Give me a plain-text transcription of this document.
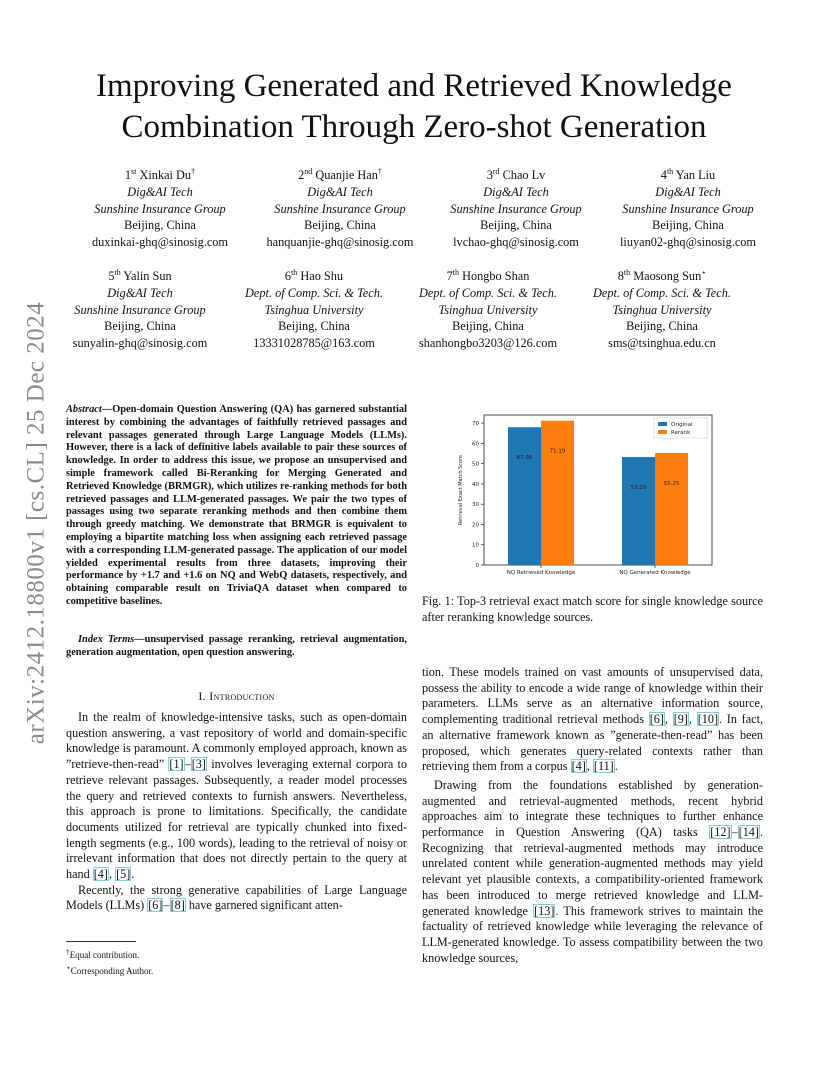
arXiv:2412.18800v1 [cs.CL] 25 Dec 2024
Improving Generated and Retrieved Knowledge
Combination Through Zero-shot Generation
1st Xinkai Du†
Dig&AI Tech
Sunshine Insurance Group
Beijing, China
duxinkai-ghq@sinosig.com
2nd Quanjie Han†
Dig&AI Tech
Sunshine Insurance Group
Beijing, China
hanquanjie-ghq@sinosig.com
3rd Chao Lv
Dig&AI Tech
Sunshine Insurance Group
Beijing, China
lvchao-ghq@sinosig.com
4th Yan Liu
Dig&AI Tech
Sunshine Insurance Group
Beijing, China
liuyan02-ghq@sinosig.com
5th Yalin Sun
Dig&AI Tech
Sunshine Insurance Group
Beijing, China
sunyalin-ghq@sinosig.com
6th Hao Shu
Dept. of Comp. Sci. & Tech.
Tsinghua University
Beijing, China
13331028785@163.com
7th Hongbo Shan
Dept. of Comp. Sci. & Tech.
Tsinghua University
Beijing, China
shanhongbo3203@126.com
8th Maosong Sun⋆
Dept. of Comp. Sci. & Tech.
Tsinghua University
Beijing, China
sms@tsinghua.edu.cn
Abstract—Open-domain Question Answering (QA) has garnered substantial interest by combining the advantages of faithfully retrieved passages and relevant passages generated through Large Language Models (LLMs). However, there is a lack of definitive labels available to pair these sources of knowledge. In order to address this issue, we propose an unsupervised and simple framework called Bi-Reranking for Merging Generated and Retrieved Knowledge (BRMGR), which utilizes re-ranking methods for both retrieved passages and LLM-generated passages. We pair the two types of passages using two separate reranking methods and then combine them through greedy matching. We demonstrate that BRMGR is equivalent to employing a bipartite matching loss when assigning each retrieved passage with a corresponding LLM-generated passage. The application of our model yielded experimental results from three datasets, improving their performance by +1.7 and +1.6 on NQ and WebQ datasets, respectively, and obtaining comparable result on TriviaQA dataset when compared to competitive baselines.
Index Terms—unsupervised passage reranking, retrieval augmentation, generation augmentation, open question answering.
I. Introduction

In the realm of knowledge-intensive tasks, such as open-domain question answering, a vast repository of world and domain-specific knowledge is paramount. A commonly employed approach, known as ”retrieve-then-read” [1]–[3] involves leveraging external corpora to retrieve relevant passages. Subsequently, a reader model processes the query and retrieved contexts to furnish answers. Nevertheless, this approach is prone to limitations. Specifically, the candidate documents utilized for retrieval are typically chunked into fixed-length segments (e.g., 100 words), leading to the retrieval of noisy or irrelevant information that does not directly pertain to the query at hand [4], [5].

Recently, the strong generative capabilities of Large Language Models (LLMs) [6]–[8] have garnered significant atten-

†Equal contribution.
⋆Corresponding Author.
0
10
20
30
40
50
60
70
Retrieval Exact Match Score
NQ Retrieved Knowledge
67.96
71.19
NQ Generated Knowledge
53.25
55.25
Original
Rerank
Fig. 1: Top-3 retrieval exact match score for single knowledge source after reranking knowledge sources.

tion. These models trained on vast amounts of unsupervised data, possess the ability to encode a wide range of knowledge within their parameters. LLMs serve as an alternative information source, complementing traditional retrieval methods [6], [9], [10]. In fact, an alternative framework known as ”generate-then-read” has been proposed, which generates query-related contexts rather than retrieving them from a corpus [4], [11].

Drawing from the foundations established by generation-augmented and retrieval-augmented methods, recent hybrid approaches aim to integrate these techniques to further enhance performance in Question Answering (QA) tasks [12]–[14]. Recognizing that retrieval-augmented methods may introduce unrelated content while generation-augmented methods may yield relevant yet plausible contexts, a compatibility-oriented framework has been introduced to merge retrieved knowledge and LLM-generated knowledge [13]. This framework strives to maintain the factuality of retrieved knowledge while leveraging the relevance of LLM-generated knowledge. To assess compatibility between the two knowledge sources,
